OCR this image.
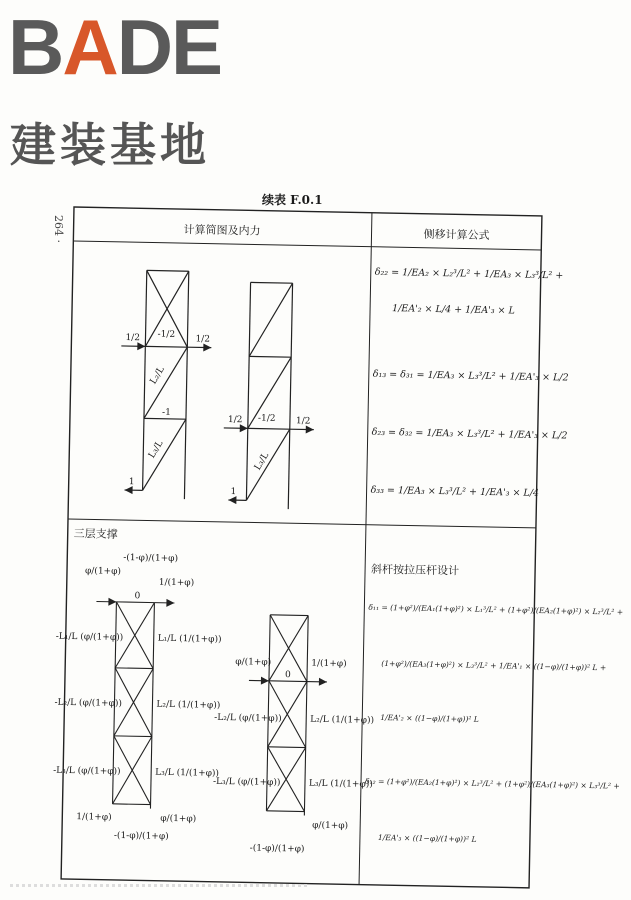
BADE
建装基地
264 ·
续表 F.0.1
1/2 -1/2 1/2
-1
1
L₂/L
L₃/L
1/2 -1/2 1/2
1
L₃/L
φ/(1+φ)
-(1-φ)/(1+φ)
0
1/(1+φ)
-L₁/L (φ/(1+φ))
-L₂/L (φ/(1+φ))
-L₃/L (φ/(1+φ))
L₁/L (1/(1+φ))
L₂/L (1/(1+φ))
L₃/L (1/(1+φ))
1/(1+φ)
-(1-φ)/(1+φ)
φ/(1+φ)
φ/(1+φ)
0
1/(1+φ)
-L₂/L (φ/(1+φ))
-L₃/L (φ/(1+φ))
L₂/L (1/(1+φ))
L₃/L (1/(1+φ))
φ/(1+φ)
-(1-φ)/(1+φ)
计算简图及内力	侧移计算公式
三层支撑
斜杆按拉压杆设计
δ₂₂ = 1/EA₂ × L₂³/L² + 1/EA₃ × L₃³/L² +
1/EA'₂ × L/4 + 1/EA'₃ × L
δ₁₃ = δ₃₁ = 1/EA₃ × L₃³/L² + 1/EA'₃ × L/2
δ₂₃ = δ₃₂ = 1/EA₃ × L₃³/L² + 1/EA'₃ × L/2
δ₃₃ = 1/EA₃ × L₃³/L² + 1/EA'₃ × L/4
δ₁₁ = (1+φ²)/(EA₁(1+φ)²) × L₁³/L² + (1+φ²)/(EA₂(1+φ)²) × L₂³/L² +
(1+φ²)/(EA₃(1+φ)²) × L₃³/L² + 1/EA'₁ × ((1−φ)/(1+φ))² L +
1/EA'₂ × ((1−φ)/(1+φ))² L
δ₁₂ = (1+φ²)/(EA₂(1+φ)²) × L₂³/L² + (1+φ²)/(EA₃(1+φ)²) × L₃³/L² +
1/EA'₃ × ((1−φ)/(1+φ))² L
